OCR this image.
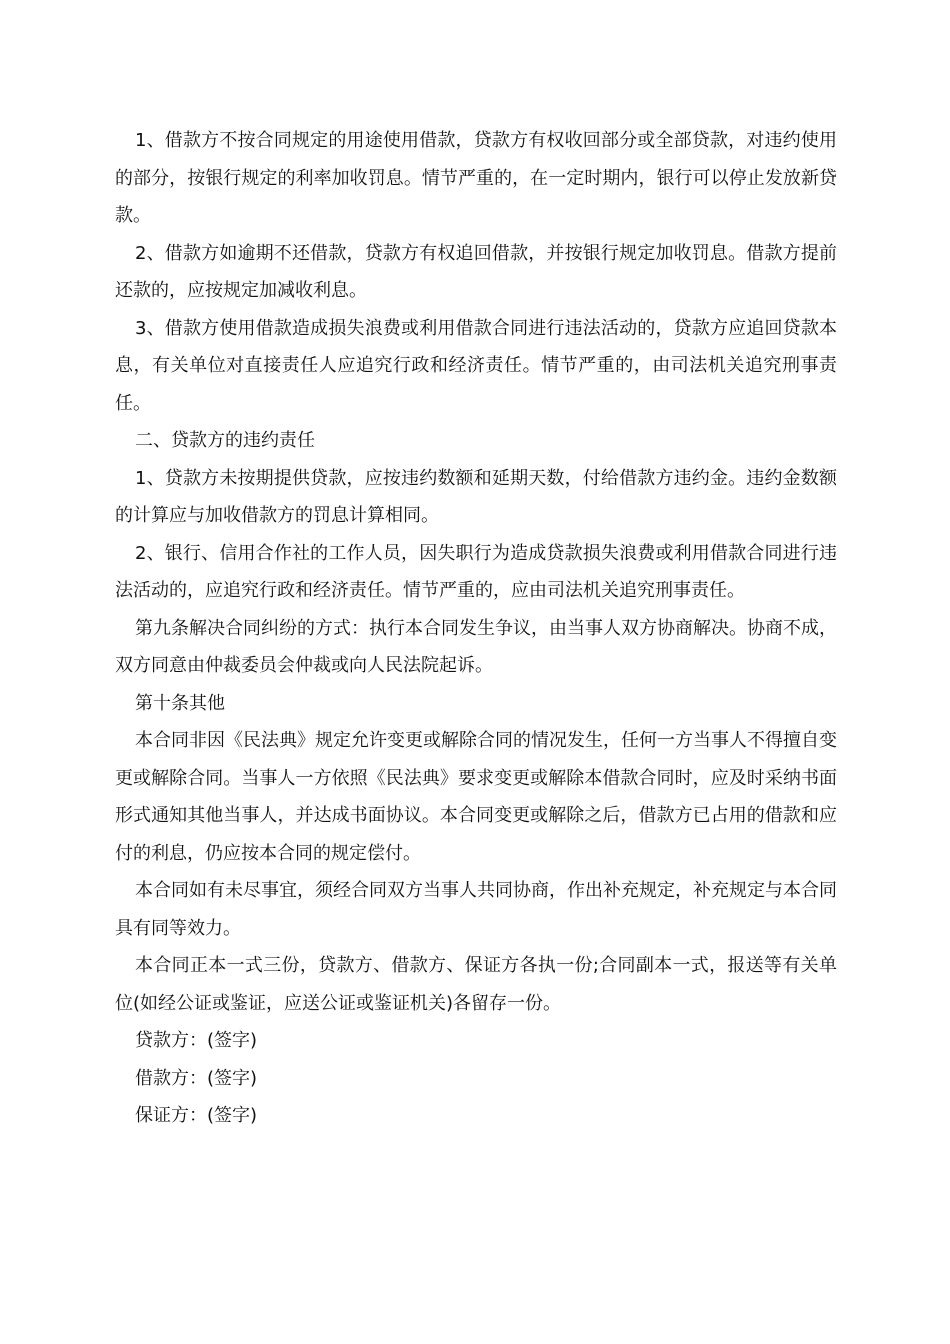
1、借款方不按合同规定的用途使用借款，贷款方有权收回部分或全部贷款，对违约使用的部分，按银行规定的利率加收罚息。情节严重的，在一定时期内，银行可以停止发放新贷款。

2、借款方如逾期不还借款，贷款方有权追回借款，并按银行规定加收罚息。借款方提前还款的，应按规定加减收利息。

3、借款方使用借款造成损失浪费或利用借款合同进行违法活动的，贷款方应追回贷款本息，有关单位对直接责任人应追究行政和经济责任。情节严重的，由司法机关追究刑事责任。

二、贷款方的违约责任

1、贷款方未按期提供贷款，应按违约数额和延期天数，付给借款方违约金。违约金数额的计算应与加收借款方的罚息计算相同。

2、银行、信用合作社的工作人员，因失职行为造成贷款损失浪费或利用借款合同进行违法活动的，应追究行政和经济责任。情节严重的，应由司法机关追究刑事责任。

第九条解决合同纠纷的方式：执行本合同发生争议，由当事人双方协商解决。协商不成，双方同意由仲裁委员会仲裁或向人民法院起诉。

第十条其他

本合同非因《民法典》规定允许变更或解除合同的情况发生，任何一方当事人不得擅自变更或解除合同。当事人一方依照《民法典》要求变更或解除本借款合同时，应及时采纳书面形式通知其他当事人，并达成书面协议。本合同变更或解除之后，借款方已占用的借款和应付的利息，仍应按本合同的规定偿付。

本合同如有未尽事宜，须经合同双方当事人共同协商，作出补充规定，补充规定与本合同具有同等效力。

本合同正本一式三份，贷款方、借款方、保证方各执一份;合同副本一式，报送等有关单位(如经公证或鉴证，应送公证或鉴证机关)各留存一份。

贷款方：(签字)

借款方：(签字)

保证方：(签字)
